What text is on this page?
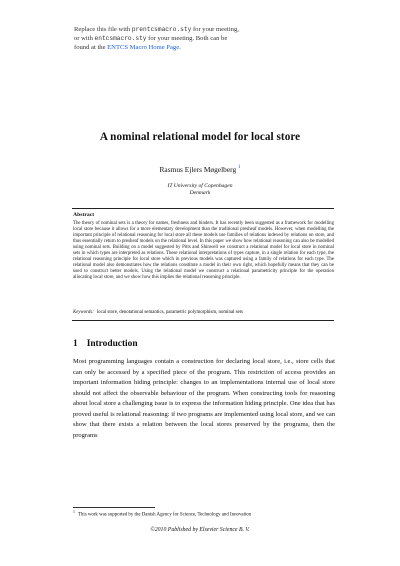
Replace this file with prentcsmacro.sty for your meeting,
or with entcsmacro.sty for your meeting. Both can be
found at the ENTCS Macro Home Page.
A nominal relational model for local store
Rasmus Ejlers Møgelberg $^1$
IT University of Copenhagen
Denmark
Abstract

The theory of nominal sets is a theory for names, freshness and binders. It has recently been suggested as a framework for modelling local store because it allows for a more elementary development than the traditional presheaf models. However, when modelling the important principle of relational reasoning for local store all these models use families of relations indexed by relations on store, and thus essentially return to presheaf models on the relational level. In this paper we show how relational reasoning can also be modelled using nominal sets. Building on a model suggested by Pitts and Shinwell we construct a relational model for local store in nominal sets in which types are interpreted as relations. These relational interpretations of types capture, in a single relation for each type, the relational reasoning principle for local store which in previous models was captured using a family of relations for each type. The relational model also demonstrates how the relations constitute a model in their own right, which hopefully means that they can be used to construct better models. Using the relational model we construct a relational parametricity principle for the operation allocating local store, and we show how this implies the relational reasoning principle.

Keywords: local store, denotational semantics, parametric polymorphism, nominal sets
1 Introduction

Most programming languages contain a construction for declaring local store, i.e., store cells that can only be accessed by a specified piece of the program. This restriction of access provides an important information hiding principle: changes to an implementations internal use of local store should not affect the observable behaviour of the program. When constructing tools for reasoning about local store a challenging issue is to express the information hiding principle. One idea that has proved useful is relational reasoning: if two programs are implemented using local store, and we can show that there exists a relation between the local stores preserved by the programs, then the programs

$^1$This work was supported by the Danish Agency for Science, Technology and Innovation
©2010 Published by Elsevier Science B. V.
